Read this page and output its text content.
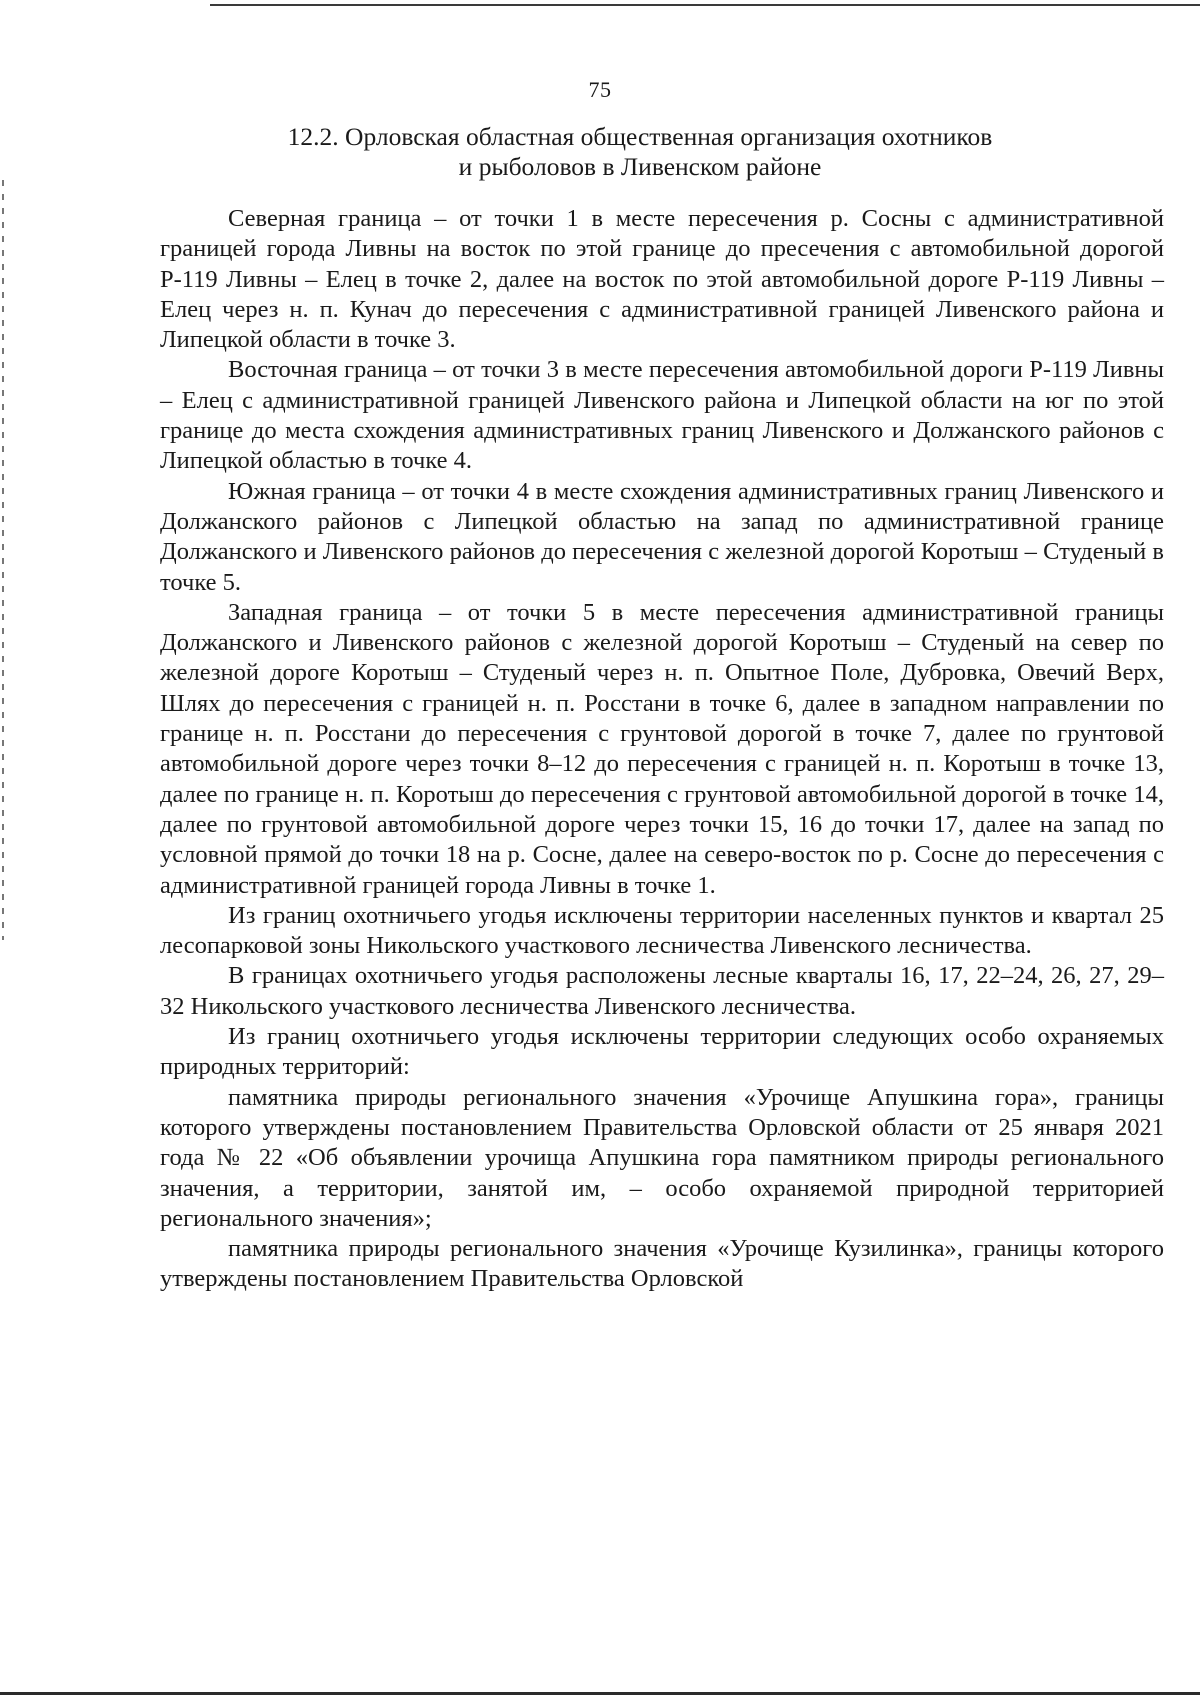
75
12.2. Орловская областная общественная организация охотников
и рыболовов в Ливенском районе

Северная граница – от точки 1 в месте пересечения р. Сосны с административной границей города Ливны на восток по этой границе до пресечения с автомобильной дорогой Р-119 Ливны – Елец в точке 2, далее на восток по этой автомобильной дороге Р-119 Ливны – Елец через н. п. Кунач до пересечения с административной границей Ливенского района и Липецкой области в точке 3.

Восточная граница – от точки 3 в месте пересечения автомобильной дороги Р-119 Ливны – Елец с административной границей Ливенского района и Липецкой области на юг по этой границе до места схождения административных границ Ливенского и Должанского районов с Липецкой областью в точке 4.

Южная граница – от точки 4 в месте схождения административных границ Ливенского и Должанского районов с Липецкой областью на запад по административной границе Должанского и Ливенского районов до пересечения с железной дорогой Коротыш – Студеный в точке 5.

Западная граница – от точки 5 в месте пересечения административной границы Должанского и Ливенского районов с железной дорогой Коротыш – Студеный на север по железной дороге Коротыш – Студеный через н. п. Опытное Поле, Дубровка, Овечий Верх, Шлях до пересечения с границей н. п. Росстани в точке 6, далее в западном направлении по границе н. п. Росстани до пересечения с грунтовой дорогой в точке 7, далее по грунтовой автомобильной дороге через точки 8–12 до пересечения с границей н. п. Коротыш в точке 13, далее по границе н. п. Коротыш до пересечения с грунтовой автомобильной дорогой в точке 14, далее по грунтовой автомобильной дороге через точки 15, 16 до точки 17, далее на запад по условной прямой до точки 18 на р. Сосне, далее на северо-восток по р. Сосне до пересечения с административной границей города Ливны в точке 1.

Из границ охотничьего угодья исключены территории населенных пунктов и квартал 25 лесопарковой зоны Никольского участкового лесничества Ливенского лесничества.

В границах охотничьего угодья расположены лесные кварталы 16, 17, 22–24, 26, 27, 29–32 Никольского участкового лесничества Ливенского лесничества.

Из границ охотничьего угодья исключены территории следующих особо охраняемых природных территорий:

памятника природы регионального значения «Урочище Апушкина гора», границы которого утверждены постановлением Правительства Орловской области от 25 января 2021 года № 22 «Об объявлении урочища Апушкина гора памятником природы регионального значения, а территории, занятой им, – особо охраняемой природной территорией регионального значения»;

памятника природы регионального значения «Урочище Кузилинка», границы которого утверждены постановлением Правительства Орловской
